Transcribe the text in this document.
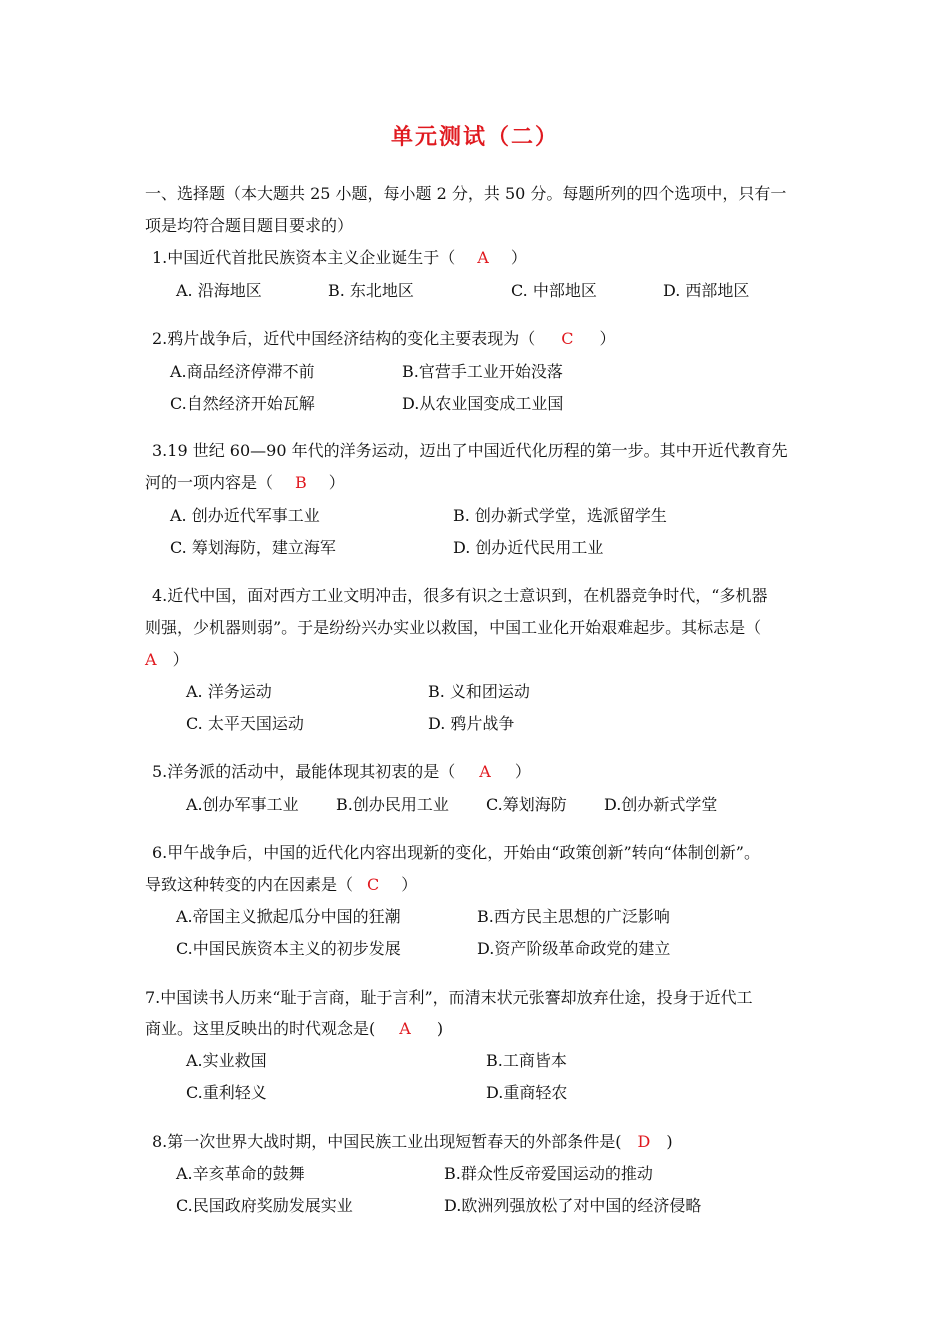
单元测试（二）
一、选择题（本大题共 25 小题，每小题 2 分，共 50 分。每题所列的四个选项中，只有一
项是均符合题目题目要求的）
1.中国近代首批民族资本主义企业诞生于（ A ）
A. 沿海地区	B. 东北地区	C. 中部地区	D. 西部地区
2.鸦片战争后，近代中国经济结构的变化主要表现为（ C ）
A.商品经济停滞不前	B.官营手工业开始没落
C.自然经济开始瓦解	D.从农业国变成工业国
3.19 世纪 60—90 年代的洋务运动，迈出了中国近代化历程的第一步。其中开近代教育先
河的一项内容是（ B ）
A. 创办近代军事工业	B. 创办新式学堂，选派留学生
C. 筹划海防，建立海军	D. 创办近代民用工业
4.近代中国，面对西方工业文明冲击，很多有识之士意识到，在机器竞争时代，“多机器
则强，少机器则弱”。于是纷纷兴办实业以救国，中国工业化开始艰难起步。其标志是（
A ）
A. 洋务运动	B. 义和团运动
C. 太平天国运动	D. 鸦片战争
5.洋务派的活动中，最能体现其初衷的是（ A ）
A.创办军事工业 B.创办民用工业 C.筹划海防 D.创办新式学堂
6.甲午战争后，中国的近代化内容出现新的变化，开始由“政策创新”转向“体制创新”。
导致这种转变的内在因素是（ C ）
A.帝国主义掀起瓜分中国的狂潮	B.西方民主思想的广泛影响
C.中国民族资本主义的初步发展	D.资产阶级革命政党的建立
7.中国读书人历来“耻于言商，耻于言利”，而清末状元张謇却放弃仕途，投身于近代工
商业。这里反映出的时代观念是( A )
A.实业救国	B.工商皆本
C.重利轻义	D.重商轻农
8.第一次世界大战时期，中国民族工业出现短暂春天的外部条件是( D )
A.辛亥革命的鼓舞	B.群众性反帝爱国运动的推动
C.民国政府奖励发展实业	D.欧洲列强放松了对中国的经济侵略
